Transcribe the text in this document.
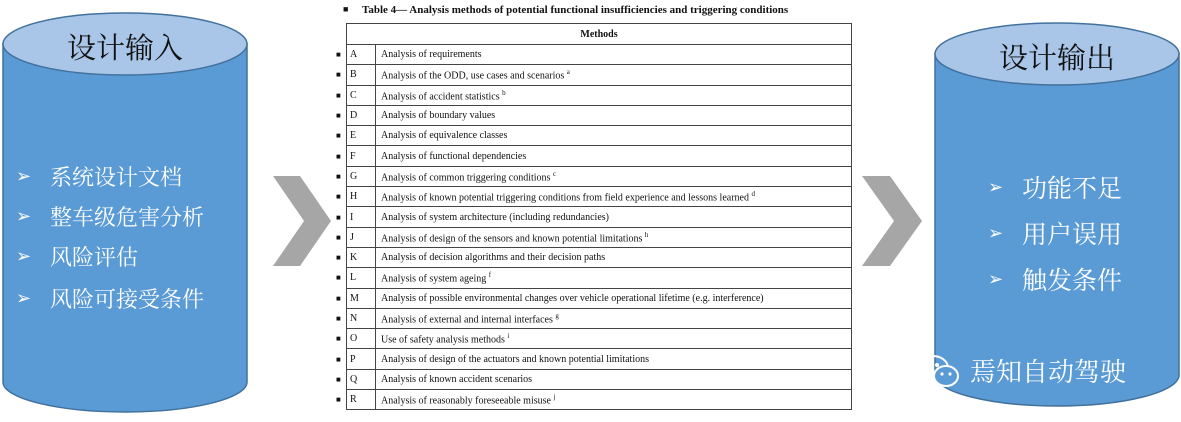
设计输入
➢ 系统设计文档
➢ 整车级危害分析
➢ 风险评估
➢ 风险可接受条件
设计输出
➢ 功能不足
➢ 用户误用
➢ 触发条件
■ Table 4— Analysis methods of potential functional insufficiencies and triggering conditions
	Methods	
■	A	Analysis of requirements
■	B	Analysis of the ODD, use cases and scenarios $^a$
■	C	Analysis of accident statistics $^b$
■	D	Analysis of boundary values
■	E	Analysis of equivalence classes
■	F	Analysis of functional dependencies
■	G	Analysis of common triggering conditions $^c$
■	H	Analysis of known potential triggering conditions from field experience and lessons learned $^d$
■	I	Analysis of system architecture (including redundancies)
■	J	Analysis of design of the sensors and known potential limitations $^h$
■	K	Analysis of decision algorithms and their decision paths
■	L	Analysis of system ageing $^f$
■	M	Analysis of possible environmental changes over vehicle operational lifetime (e.g. interference)
■	N	Analysis of external and internal interfaces $^g$
■	O	Use of safety analysis methods $^i$
■	P	Analysis of design of the actuators and known potential limitations
■	Q	Analysis of known accident scenarios
■	R	Analysis of reasonably foreseeable misuse $^j$
焉知自动驾驶
